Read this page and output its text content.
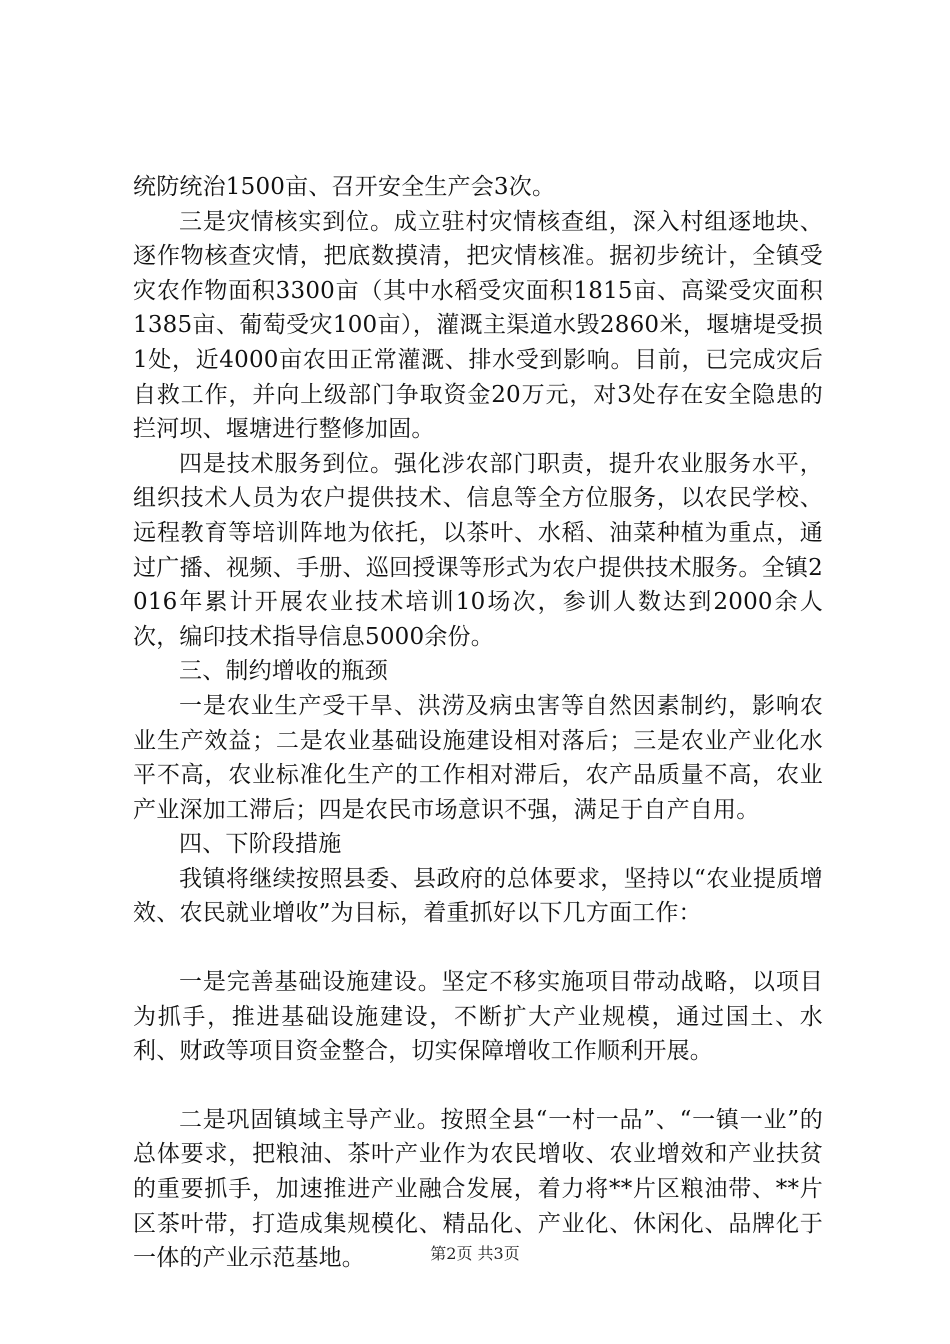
统防统治1500亩、召开安全生产会3次。

三是灾情核实到位。成立驻村灾情核查组，深入村组逐地块、逐作物核查灾情，把底数摸清，把灾情核准。据初步统计，全镇受灾农作物面积3300亩（其中水稻受灾面积1815亩、高粱受灾面积1385亩、葡萄受灾100亩），灌溉主渠道水毁2860米，堰塘堤受损1处，近4000亩农田正常灌溉、排水受到影响。目前，已完成灾后自救工作，并向上级部门争取资金20万元，对3处存在安全隐患的拦河坝、堰塘进行整修加固。

四是技术服务到位。强化涉农部门职责，提升农业服务水平，组织技术人员为农户提供技术、信息等全方位服务，以农民学校、远程教育等培训阵地为依托，以茶叶、水稻、油菜种植为重点，通过广播、视频、手册、巡回授课等形式为农户提供技术服务。全镇2016年累计开展农业技术培训10场次，参训人数达到2000余人次，编印技术指导信息5000余份。

三、制约增收的瓶颈

一是农业生产受干旱、洪涝及病虫害等自然因素制约，影响农业生产效益；二是农业基础设施建设相对落后；三是农业产业化水平不高，农业标准化生产的工作相对滞后，农产品质量不高，农业产业深加工滞后；四是农民市场意识不强，满足于自产自用。

四、下阶段措施

我镇将继续按照县委、县政府的总体要求，坚持以“农业提质增效、农民就业增收”为目标，着重抓好以下几方面工作：

一是完善基础设施建设。坚定不移实施项目带动战略，以项目为抓手，推进基础设施建设，不断扩大产业规模，通过国土、水利、财政等项目资金整合，切实保障增收工作顺利开展。

二是巩固镇域主导产业。按照全县“一村一品”、“一镇一业”的总体要求，把粮油、茶叶产业作为农民增收、农业增效和产业扶贫的重要抓手，加速推进产业融合发展，着力将**片区粮油带、**片区茶叶带，打造成集规模化、精品化、产业化、休闲化、品牌化于一体的产业示范基地。	第2页 共3页
